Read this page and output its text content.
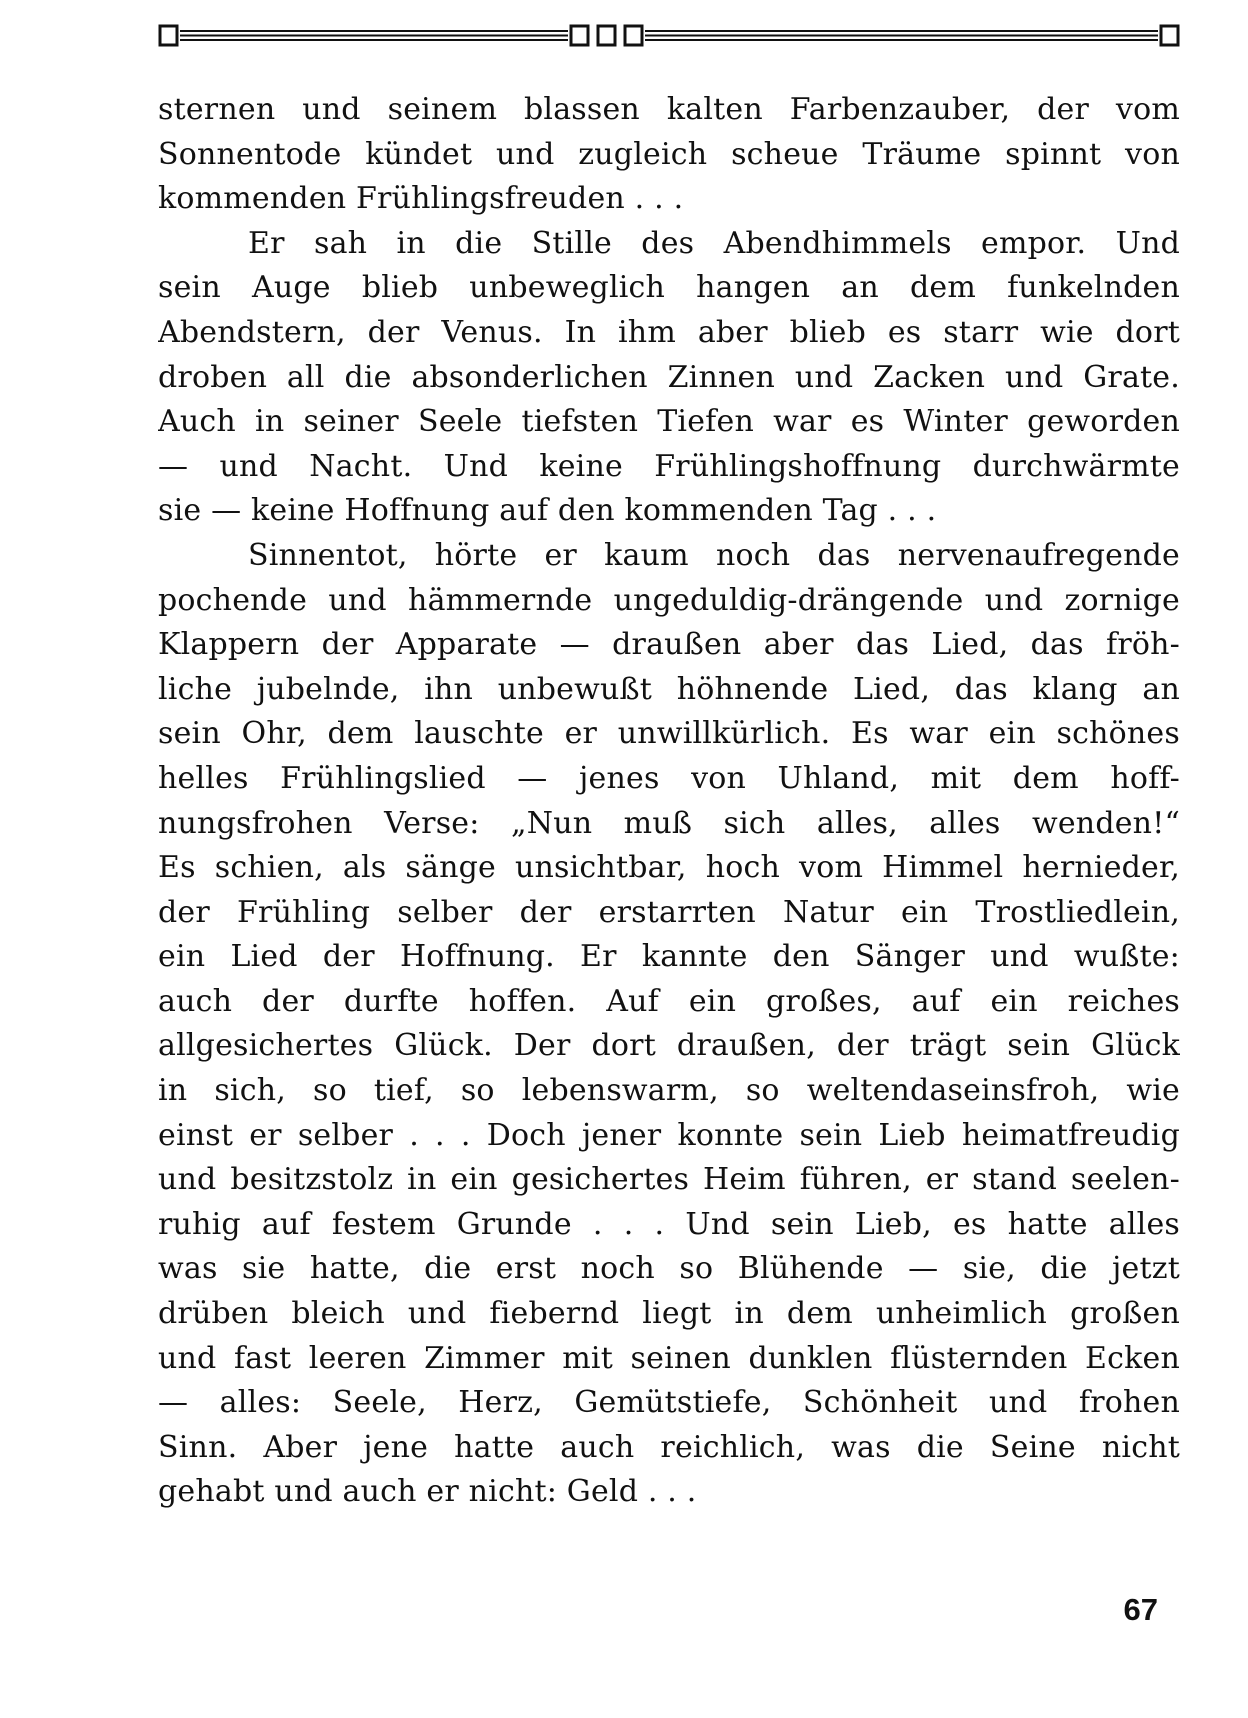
sternen und seinem blassen kalten Farbenzauber, der vom
Sonnentode kündet und zugleich scheue Träume spinnt von
kommenden Frühlingsfreuden . . .
Er sah in die Stille des Abendhimmels empor. Und
sein Auge blieb unbeweglich hangen an dem funkelnden
Abendstern, der Venus. In ihm aber blieb es starr wie dort
droben all die absonderlichen Zinnen und Zacken und Grate.
Auch in seiner Seele tiefsten Tiefen war es Winter geworden
— und Nacht. Und keine Frühlingshoffnung durchwärmte
sie — keine Hoffnung auf den kommenden Tag . . .
Sinnentot, hörte er kaum noch das nervenaufregende
pochende und hämmernde ungeduldig-drängende und zornige
Klappern der Apparate — draußen aber das Lied, das fröh-
liche jubelnde, ihn unbewußt höhnende Lied, das klang an
sein Ohr, dem lauschte er unwillkürlich. Es war ein schönes
helles Frühlingslied — jenes von Uhland, mit dem hoff-
nungsfrohen Verse: „Nun muß sich alles, alles wenden!“
Es schien, als sänge unsichtbar, hoch vom Himmel hernieder,
der Frühling selber der erstarrten Natur ein Trostliedlein,
ein Lied der Hoffnung. Er kannte den Sänger und wußte:
auch der durfte hoffen. Auf ein großes, auf ein reiches
allgesichertes Glück. Der dort draußen, der trägt sein Glück
in sich, so tief, so lebenswarm, so weltendaseinsfroh, wie
einst er selber . . . Doch jener konnte sein Lieb heimatfreudig
und besitzstolz in ein gesichertes Heim führen, er stand seelen-
ruhig auf festem Grunde . . . Und sein Lieb, es hatte alles
was sie hatte, die erst noch so Blühende — sie, die jetzt
drüben bleich und fiebernd liegt in dem unheimlich großen
und fast leeren Zimmer mit seinen dunklen flüsternden Ecken
— alles: Seele, Herz, Gemütstiefe, Schönheit und frohen
Sinn. Aber jene hatte auch reichlich, was die Seine nicht
gehabt und auch er nicht: Geld . . .
67
